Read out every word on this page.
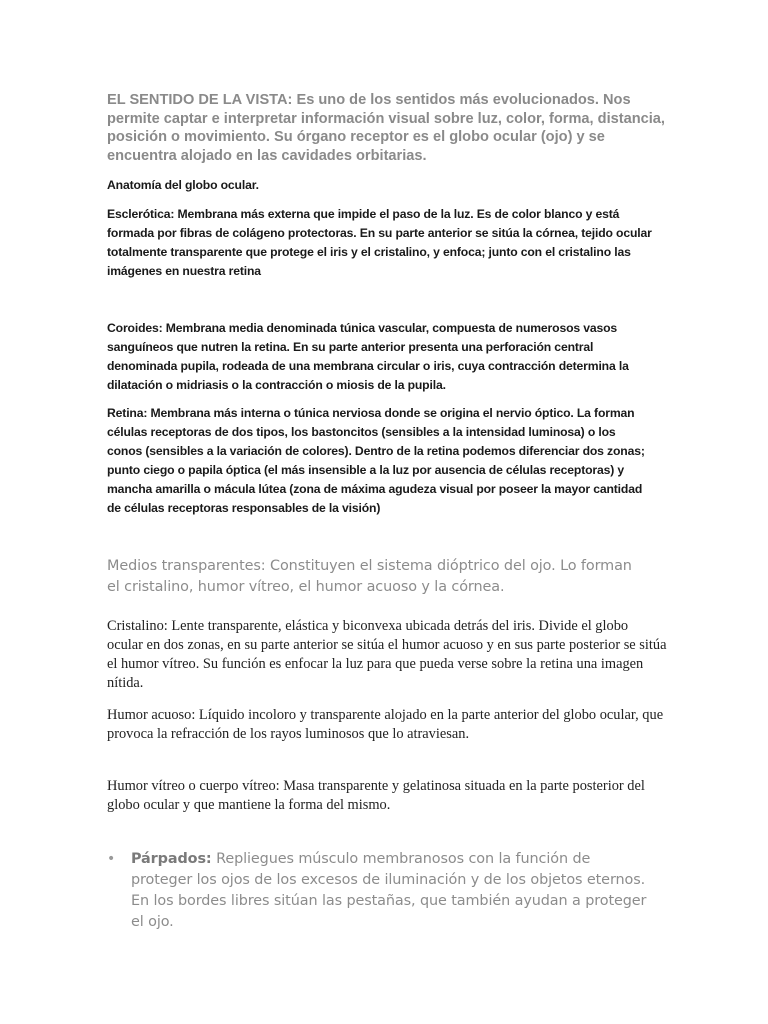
EL SENTIDO DE LA VISTA: Es uno de los sentidos más evolucionados. Nos permite captar e interpretar información visual sobre luz, color, forma, distancia, posición o movimiento. Su órgano receptor es el globo ocular (ojo) y se encuentra alojado en las cavidades orbitarias.

Anatomía del globo ocular.

Esclerótica: Membrana más externa que impide el paso de la luz. Es de color blanco y está formada por fibras de colágeno protectoras. En su parte anterior se sitúa la córnea, tejido ocular totalmente transparente que protege el iris y el cristalino, y enfoca; junto con el cristalino las imágenes en nuestra retina

Coroides: Membrana media denominada túnica vascular, compuesta de numerosos vasos sanguíneos que nutren la retina. En su parte anterior presenta una perforación central denominada pupila, rodeada de una membrana circular o iris, cuya contracción determina la dilatación o midriasis o la contracción o miosis de la pupila.

Retina: Membrana más interna o túnica nerviosa donde se origina el nervio óptico. La forman células receptoras de dos tipos, los bastoncitos (sensibles a la intensidad luminosa) o los conos (sensibles a la variación de colores). Dentro de la retina podemos diferenciar dos zonas; punto ciego o papila óptica (el más insensible a la luz por ausencia de células receptoras) y mancha amarilla o mácula lútea (zona de máxima agudeza visual por poseer la mayor cantidad de células receptoras responsables de la visión)

Medios transparentes: Constituyen el sistema dióptrico del ojo. Lo forman el cristalino, humor vítreo, el humor acuoso y la córnea.

Cristalino: Lente transparente, elástica y biconvexa ubicada detrás del iris. Divide el globo ocular en dos zonas, en su parte anterior se sitúa el humor acuoso y en sus parte posterior se sitúa el humor vítreo. Su función es enfocar la luz para que pueda verse sobre la retina una imagen nítida.

Humor acuoso: Líquido incoloro y transparente alojado en la parte anterior del globo ocular, que provoca la refracción de los rayos luminosos que lo atraviesan.

Humor vítreo o cuerpo vítreo: Masa transparente y gelatinosa situada en la parte posterior del globo ocular y que mantiene la forma del mismo.

• Párpados: Repliegues músculo membranosos con la función de proteger los ojos de los excesos de iluminación y de los objetos eternos. En los bordes libres sitúan las pestañas, que también ayudan a proteger el ojo.
